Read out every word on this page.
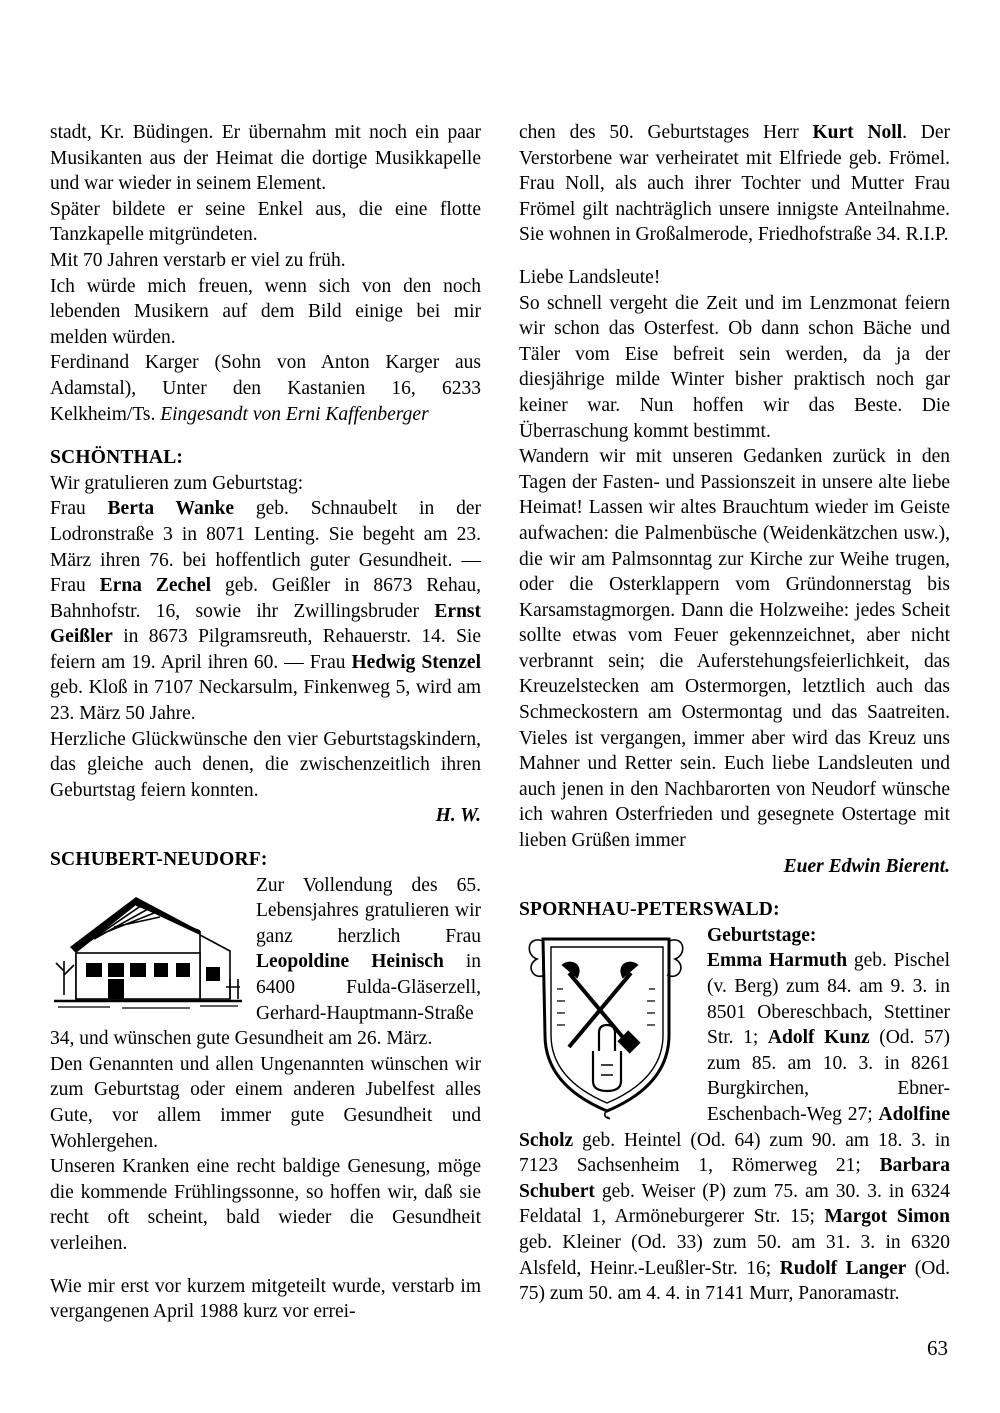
stadt, Kr. Büdingen. Er übernahm mit noch ein paar Musikanten aus der Heimat die dortige Musikkapelle und war wieder in seinem Element.

Später bildete er seine Enkel aus, die eine flotte Tanzkapelle mitgründeten.

Mit 70 Jahren verstarb er viel zu früh.

Ich würde mich freuen, wenn sich von den noch lebenden Musikern auf dem Bild einige bei mir melden würden.

Ferdinand Karger (Sohn von Anton Karger aus Adamstal), Unter den Kastanien 16, 6233 Kelkheim/Ts. Eingesandt von Erni Kaffenberger

SCHÖNTHAL:

Wir gratulieren zum Geburtstag:

Frau Berta Wanke geb. Schnaubelt in der Lodronstraße 3 in 8071 Lenting. Sie begeht am 23. März ihren 76. bei hoffentlich guter Gesundheit. — Frau Erna Zechel geb. Geißler in 8673 Rehau, Bahnhofstr. 16, sowie ihr Zwillingsbruder Ernst Geißler in 8673 Pilgramsreuth, Rehauerstr. 14. Sie feiern am 19. April ihren 60. — Frau Hedwig Stenzel geb. Kloß in 7107 Neckarsulm, Finkenweg 5, wird am 23. März 50 Jahre.

Herzliche Glückwünsche den vier Geburtstagskindern, das gleiche auch denen, die zwischenzeitlich ihren Geburtstag feiern konnten.

H. W.

SCHUBERT-NEUDORF:

Zur Vollendung des 65. Lebensjahres gratulieren wir ganz herzlich Frau Leopoldine Heinisch in 6400 Fulda-Gläserzell, Gerhard-Hauptmann-Straße 34, und wünschen gute Gesundheit am 26. März.

Den Genannten und allen Ungenannten wünschen wir zum Geburtstag oder einem anderen Jubelfest alles Gute, vor allem immer gute Gesundheit und Wohlergehen.

Unseren Kranken eine recht baldige Genesung, möge die kommende Frühlingssonne, so hoffen wir, daß sie recht oft scheint, bald wieder die Gesundheit verleihen.

Wie mir erst vor kurzem mitgeteilt wurde, verstarb im vergangenen April 1988 kurz vor errei-

chen des 50. Geburtstages Herr Kurt Noll. Der Verstorbene war verheiratet mit Elfriede geb. Frömel. Frau Noll, als auch ihrer Tochter und Mutter Frau Frömel gilt nachträglich unsere innigste Anteilnahme. Sie wohnen in Großalmerode, Friedhofstraße 34. R.I.P.

Liebe Landsleute!

So schnell vergeht die Zeit und im Lenzmonat feiern wir schon das Osterfest. Ob dann schon Bäche und Täler vom Eise befreit sein werden, da ja der diesjährige milde Winter bisher praktisch noch gar keiner war. Nun hoffen wir das Beste. Die Überraschung kommt bestimmt.

Wandern wir mit unseren Gedanken zurück in den Tagen der Fasten- und Passionszeit in unsere alte liebe Heimat! Lassen wir altes Brauchtum wieder im Geiste aufwachen: die Palmenbüsche (Weidenkätzchen usw.), die wir am Palmsonntag zur Kirche zur Weihe trugen, oder die Osterklappern vom Gründonnerstag bis Karsamstagmorgen. Dann die Holzweihe: jedes Scheit sollte etwas vom Feuer gekennzeichnet, aber nicht verbrannt sein; die Auferstehungsfeierlichkeit, das Kreuzelstecken am Ostermorgen, letztlich auch das Schmeckostern am Ostermontag und das Saatreiten. Vieles ist vergangen, immer aber wird das Kreuz uns Mahner und Retter sein. Euch liebe Landsleuten und auch jenen in den Nachbarorten von Neudorf wünsche ich wahren Osterfrieden und gesegnete Ostertage mit lieben Grüßen immer

Euer Edwin Bierent.

SPORNHAU-PETERSWALD:

Geburtstage:

Emma Harmuth geb. Pischel (v. Berg) zum 84. am 9. 3. in 8501 Obereschbach, Stettiner Str. 1; Adolf Kunz (Od. 57) zum 85. am 10. 3. in 8261 Burgkirchen, Ebner-Eschenbach-Weg 27; Adolfine Scholz geb. Heintel (Od. 64) zum 90. am 18. 3. in 7123 Sachsenheim 1, Römerweg 21; Barbara Schubert geb. Weiser (P) zum 75. am 30. 3. in 6324 Feldatal 1, Armöneburgerer Str. 15; Margot Simon geb. Kleiner (Od. 33) zum 50. am 31. 3. in 6320 Alsfeld, Heinr.-Leußler-Str. 16; Rudolf Langer (Od. 75) zum 50. am 4. 4. in 7141 Murr, Panoramastr.

63
